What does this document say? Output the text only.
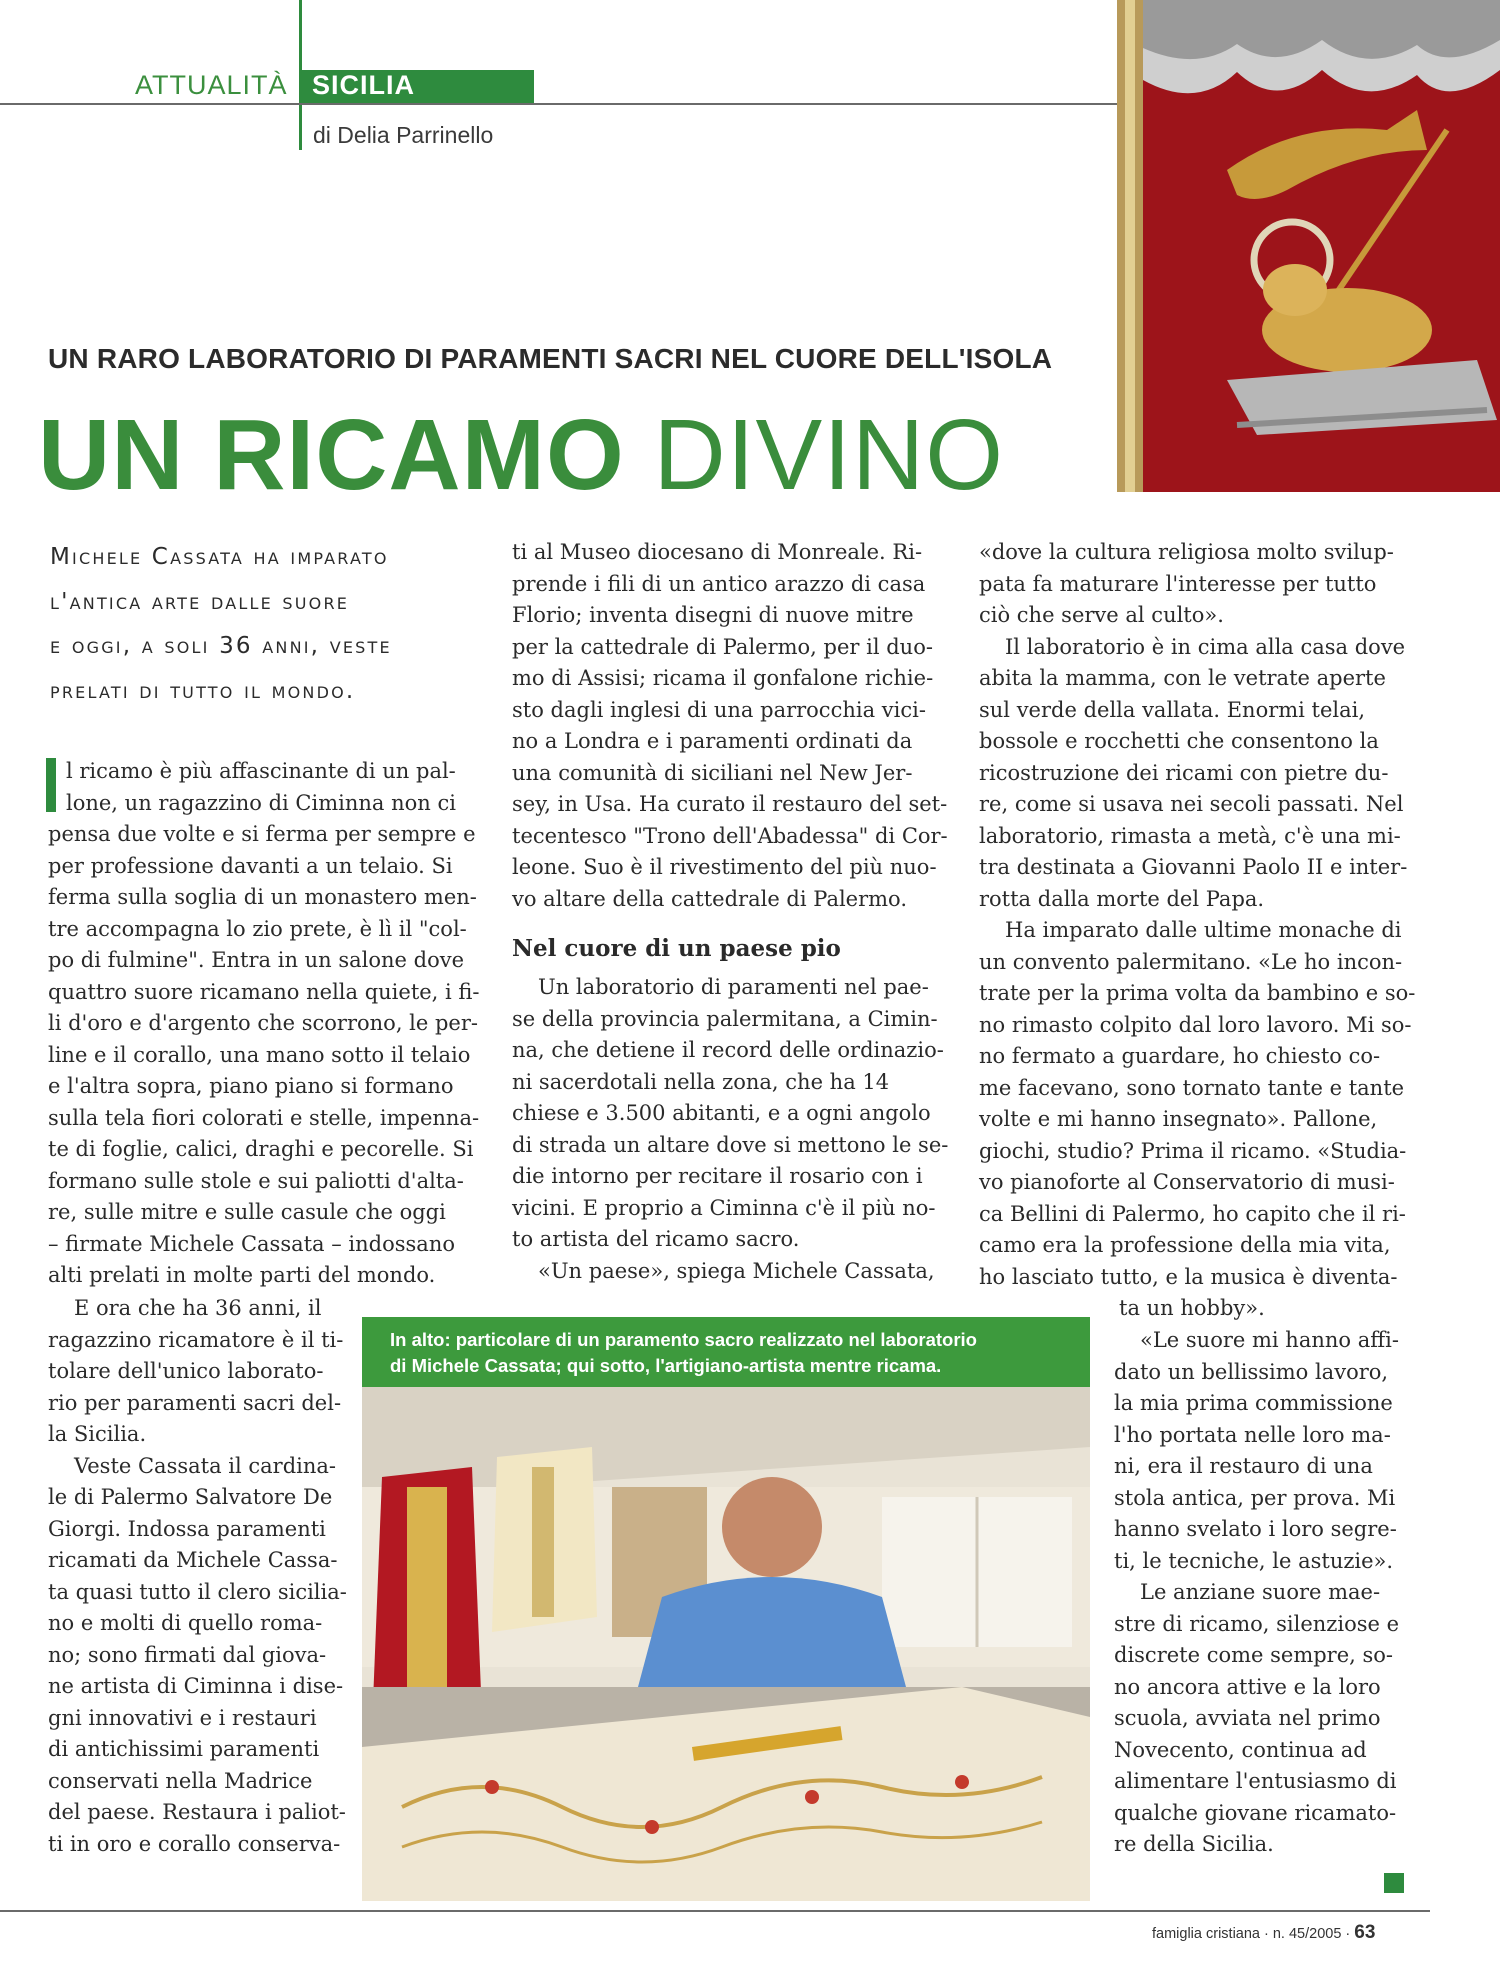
ATTUALITÀ SICILIA
di Delia Parrinello
UN RARO LABORATORIO DI PARAMENTI SACRI NEL CUORE DELL'ISOLA
UN RICAMO DIVINO
Michele Cassata ha imparato
l'antica arte dalle suore
e oggi, a soli 36 anni, veste
prelati di tutto il mondo.
l ricamo è più affascinante di un pal-
lone, un ragazzino di Ciminna non ci
pensa due volte e si ferma per sempre e
per professione davanti a un telaio. Si
ferma sulla soglia di un monastero men-
tre accompagna lo zio prete, è lì il "col-
po di fulmine". Entra in un salone dove
quattro suore ricamano nella quiete, i fi-
li d'oro e d'argento che scorrono, le per-
line e il corallo, una mano sotto il telaio
e l'altra sopra, piano piano si formano
sulla tela fiori colorati e stelle, impenna-
te di foglie, calici, draghi e pecorelle. Si
formano sulle stole e sui paliotti d'alta-
re, sulle mitre e sulle casule che oggi
– firmate Michele Cassata – indossano
alti prelati in molte parti del mondo.
E ora che ha 36 anni, il
ragazzino ricamatore è il ti-
tolare dell'unico laborato-
rio per paramenti sacri del-
la Sicilia.
Veste Cassata il cardina-
le di Palermo Salvatore De
Giorgi. Indossa paramenti
ricamati da Michele Cassa-
ta quasi tutto il clero sicilia-
no e molti di quello roma-
no; sono firmati dal giova-
ne artista di Ciminna i dise-
gni innovativi e i restauri
di antichissimi paramenti
conservati nella Madrice
del paese. Restaura i paliot-
ti in oro e corallo conserva-
ti al Museo diocesano di Monreale. Ri-
prende i fili di un antico arazzo di casa
Florio; inventa disegni di nuove mitre
per la cattedrale di Palermo, per il duo-
mo di Assisi; ricama il gonfalone richie-
sto dagli inglesi di una parrocchia vici-
no a Londra e i paramenti ordinati da
una comunità di siciliani nel New Jer-
sey, in Usa. Ha curato il restauro del set-
tecentesco "Trono dell'Abadessa" di Cor-
leone. Suo è il rivestimento del più nuo-
vo altare della cattedrale di Palermo.
Nel cuore di un paese pio
Un laboratorio di paramenti nel pae-
se della provincia palermitana, a Cimin-
na, che detiene il record delle ordinazio-
ni sacerdotali nella zona, che ha 14
chiese e 3.500 abitanti, e a ogni angolo
di strada un altare dove si mettono le se-
die intorno per recitare il rosario con i
vicini. E proprio a Ciminna c'è il più no-
to artista del ricamo sacro.
«Un paese», spiega Michele Cassata,
«dove la cultura religiosa molto svilup-
pata fa maturare l'interesse per tutto
ciò che serve al culto».
Il laboratorio è in cima alla casa dove
abita la mamma, con le vetrate aperte
sul verde della vallata. Enormi telai,
bossole e rocchetti che consentono la
ricostruzione dei ricami con pietre du-
re, come si usava nei secoli passati. Nel
laboratorio, rimasta a metà, c'è una mi-
tra destinata a Giovanni Paolo II e inter-
rotta dalla morte del Papa.
Ha imparato dalle ultime monache di
un convento palermitano. «Le ho incon-
trate per la prima volta da bambino e so-
no rimasto colpito dal loro lavoro. Mi so-
no fermato a guardare, ho chiesto co-
me facevano, sono tornato tante e tante
volte e mi hanno insegnato». Pallone,
giochi, studio? Prima il ricamo. «Studia-
vo pianoforte al Conservatorio di musi-
ca Bellini di Palermo, ho capito che il ri-
camo era la professione della mia vita,
ho lasciato tutto, e la musica è diventa-
ta un hobby».
«Le suore mi hanno affi-
dato un bellissimo lavoro,
la mia prima commissione
l'ho portata nelle loro ma-
ni, era il restauro di una
stola antica, per prova. Mi
hanno svelato i loro segre-
ti, le tecniche, le astuzie».
Le anziane suore mae-
stre di ricamo, silenziose e
discrete come sempre, so-
no ancora attive e la loro
scuola, avviata nel primo
Novecento, continua ad
alimentare l'entusiasmo di
qualche giovane ricamato-
re della Sicilia.
In alto: particolare di un paramento sacro realizzato nel laboratorio
di Michele Cassata; qui sotto, l'artigiano-artista mentre ricama.
famiglia cristiana · n. 45/2005 · 63
